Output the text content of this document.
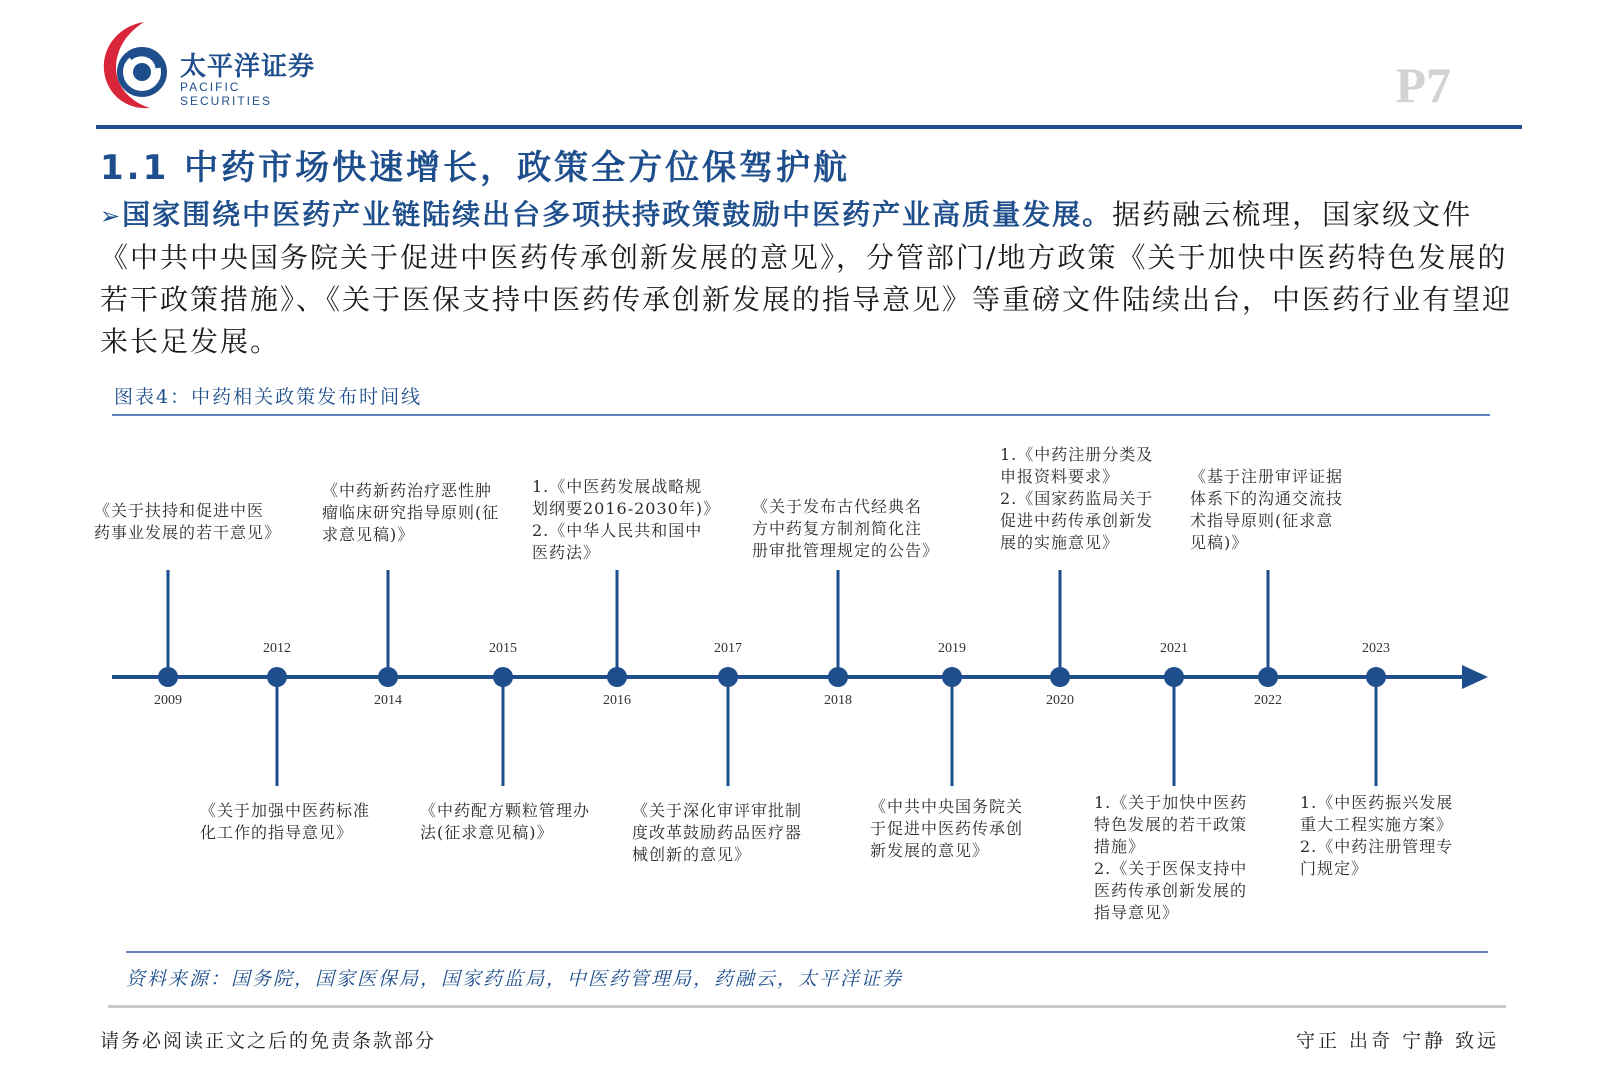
太平洋证券
PACIFIC SECURITIES	P7
1.1 中药市场快速增长，政策全方位保驾护航
➢国家围绕中医药产业链陆续出台多项扶持政策鼓励中医药产业高质量发展。据药融云梳理，国家级文件《中共中央国务院关于促进中医药传承创新发展的意见》，分管部门/地方政策《关于加快中医药特色发展的若干政策措施》、《关于医保支持中医药传承创新发展的指导意见》等重磅文件陆续出台，中医药行业有望迎来长足发展。
图表4：中药相关政策发布时间线
2009
《关于扶持和促进中医
药事业发展的若干意见》
2012
《关于加强中医药标准
化工作的指导意见》
2014
《中药新药治疗恶性肿
瘤临床研究指导原则(征
求意见稿)》
2015
《中药配方颗粒管理办
法(征求意见稿)》
2016
1.《中医药发展战略规
划纲要2016-2030年)》
2.《中华人民共和国中
医药法》
2017
《关于深化审评审批制
度改革鼓励药品医疗器
械创新的意见》
2018
《关于发布古代经典名
方中药复方制剂简化注
册审批管理规定的公告》
2019
《中共中央国务院关
于促进中医药传承创
新发展的意见》
2020
1.《中药注册分类及
申报资料要求》
2.《国家药监局关于
促进中药传承创新发
展的实施意见》
2021
1.《关于加快中医药
特色发展的若干政策
措施》
2.《关于医保支持中
医药传承创新发展的
指导意见》
2022
《基于注册审评证据
体系下的沟通交流技
术指导原则(征求意
见稿)》
2023
1.《中医药振兴发展
重大工程实施方案》
2.《中药注册管理专
门规定》
资料来源：国务院，国家医保局，国家药监局，中医药管理局，药融云，太平洋证券
请务必阅读正文之后的免责条款部分	守正 出奇 宁静 致远
